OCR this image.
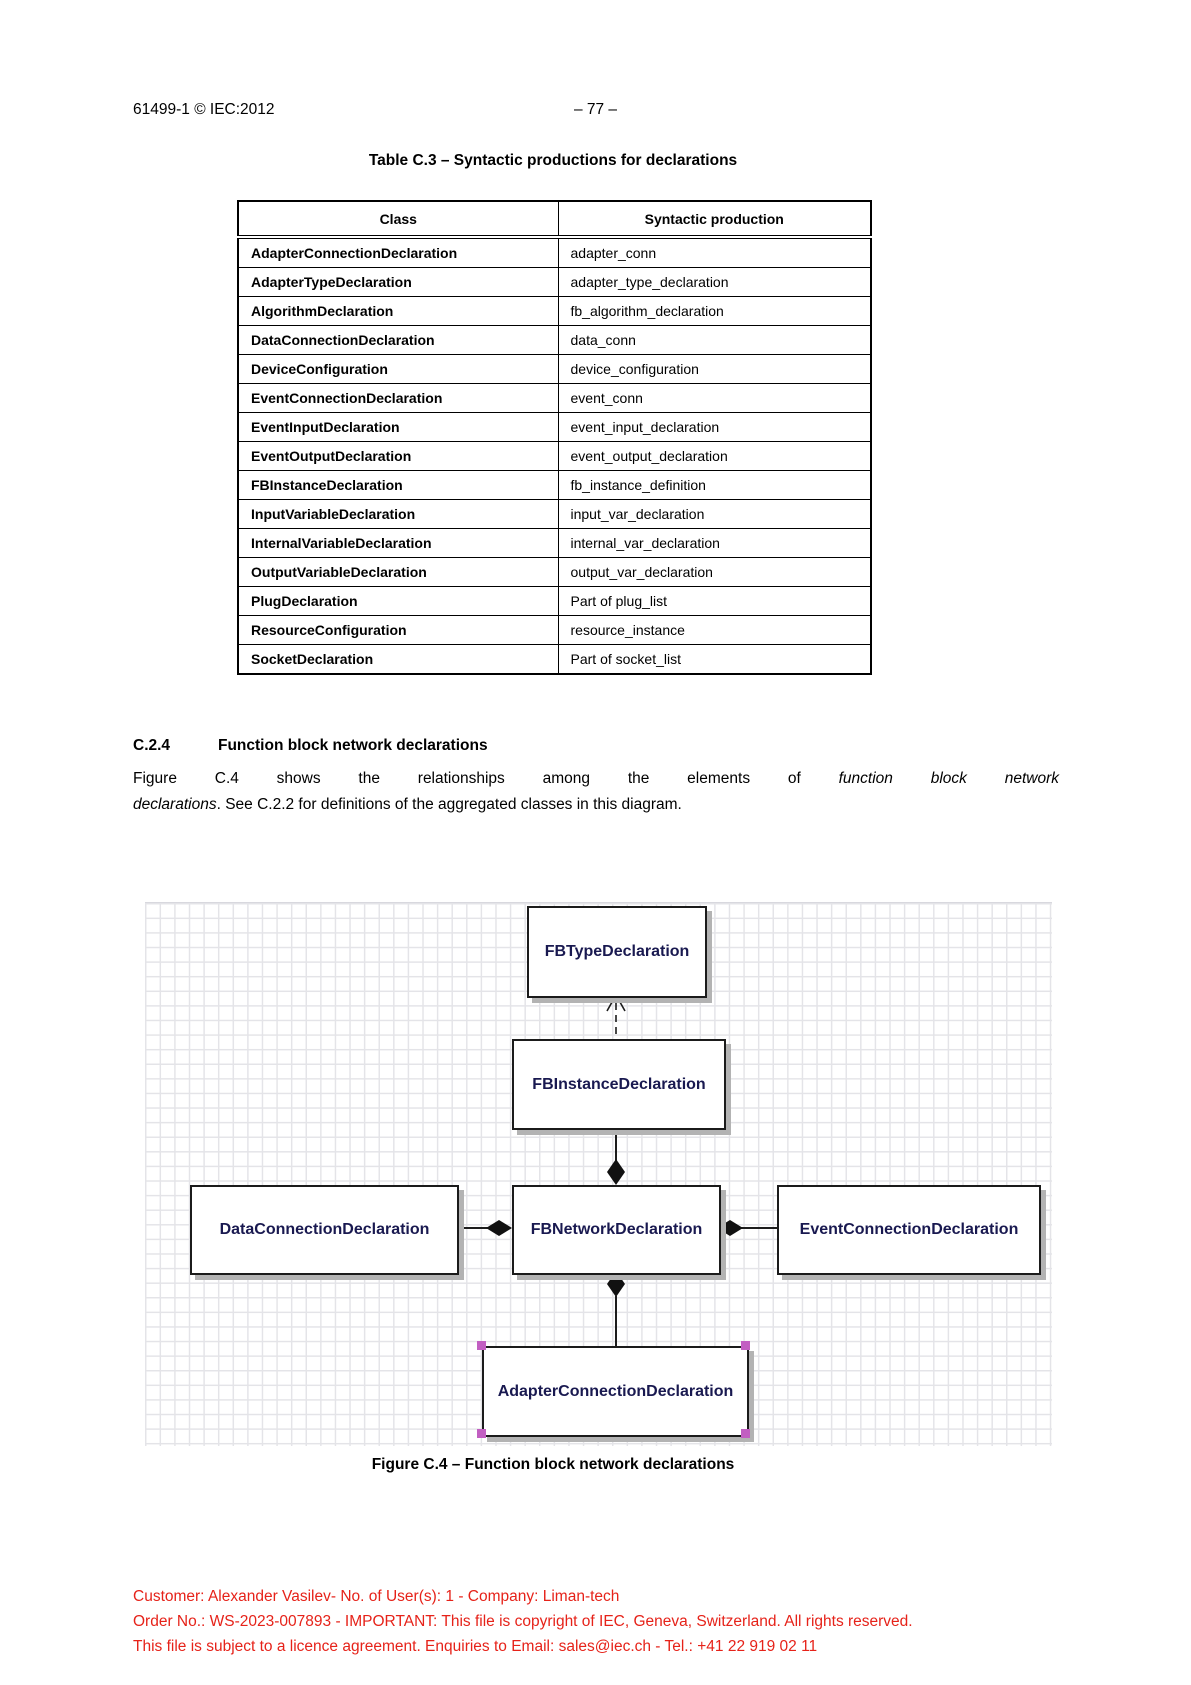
61499-1 © IEC:2012	– 77 –
Table C.3 – Syntactic productions for declarations
Class	Syntactic production
AdapterConnectionDeclaration	adapter_conn
AdapterTypeDeclaration	adapter_type_declaration
AlgorithmDeclaration	fb_algorithm_declaration
DataConnectionDeclaration	data_conn
DeviceConfiguration	device_configuration
EventConnectionDeclaration	event_conn
EventInputDeclaration	event_input_declaration
EventOutputDeclaration	event_output_declaration
FBInstanceDeclaration	fb_instance_definition
InputVariableDeclaration	input_var_declaration
InternalVariableDeclaration	internal_var_declaration
OutputVariableDeclaration	output_var_declaration
PlugDeclaration	Part of plug_list
ResourceConfiguration	resource_instance
SocketDeclaration	Part of socket_list
C.2.4	Function block network declarations

Figure C.4 shows the relationships among the elements of function block network
declarations. See C.2.2 for definitions of the aggregated classes in this diagram.

FBTypeDeclaration
FBInstanceDeclaration
DataConnectionDeclaration	FBNetworkDeclaration	EventConnectionDeclaration
AdapterConnectionDeclaration
Figure C.4 – Function block network declarations
Customer: Alexander Vasilev- No. of User(s): 1 - Company: Liman-tech
Order No.: WS-2023-007893 - IMPORTANT: This file is copyright of IEC, Geneva, Switzerland. All rights reserved.
This file is subject to a licence agreement. Enquiries to Email: sales@iec.ch - Tel.: +41 22 919 02 11
